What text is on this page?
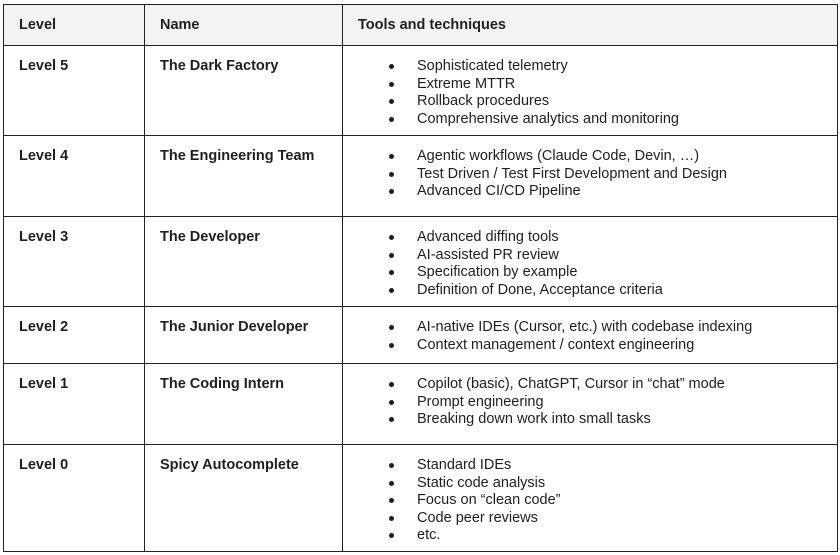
Level	Name	Tools and techniques

Level 5	The Dark Factory	Sophisticated telemetry
Extreme MTTR
Rollback procedures
Comprehensive analytics and monitoring

Level 4	The Engineering Team	Agentic workflows (Claude Code, Devin, …)
Test Driven / Test First Development and Design
Advanced CI/CD Pipeline

Level 3	The Developer	Advanced diffing tools
AI-assisted PR review
Specification by example
Definition of Done, Acceptance criteria

Level 2	The Junior Developer	AI-native IDEs (Cursor, etc.) with codebase indexing
Context management / context engineering

Level 1	The Coding Intern	Copilot (basic), ChatGPT, Cursor in “chat” mode
Prompt engineering
Breaking down work into small tasks

Level 0	Spicy Autocomplete	Standard IDEs
Static code analysis
Focus on “clean code”
Code peer reviews
etc.
